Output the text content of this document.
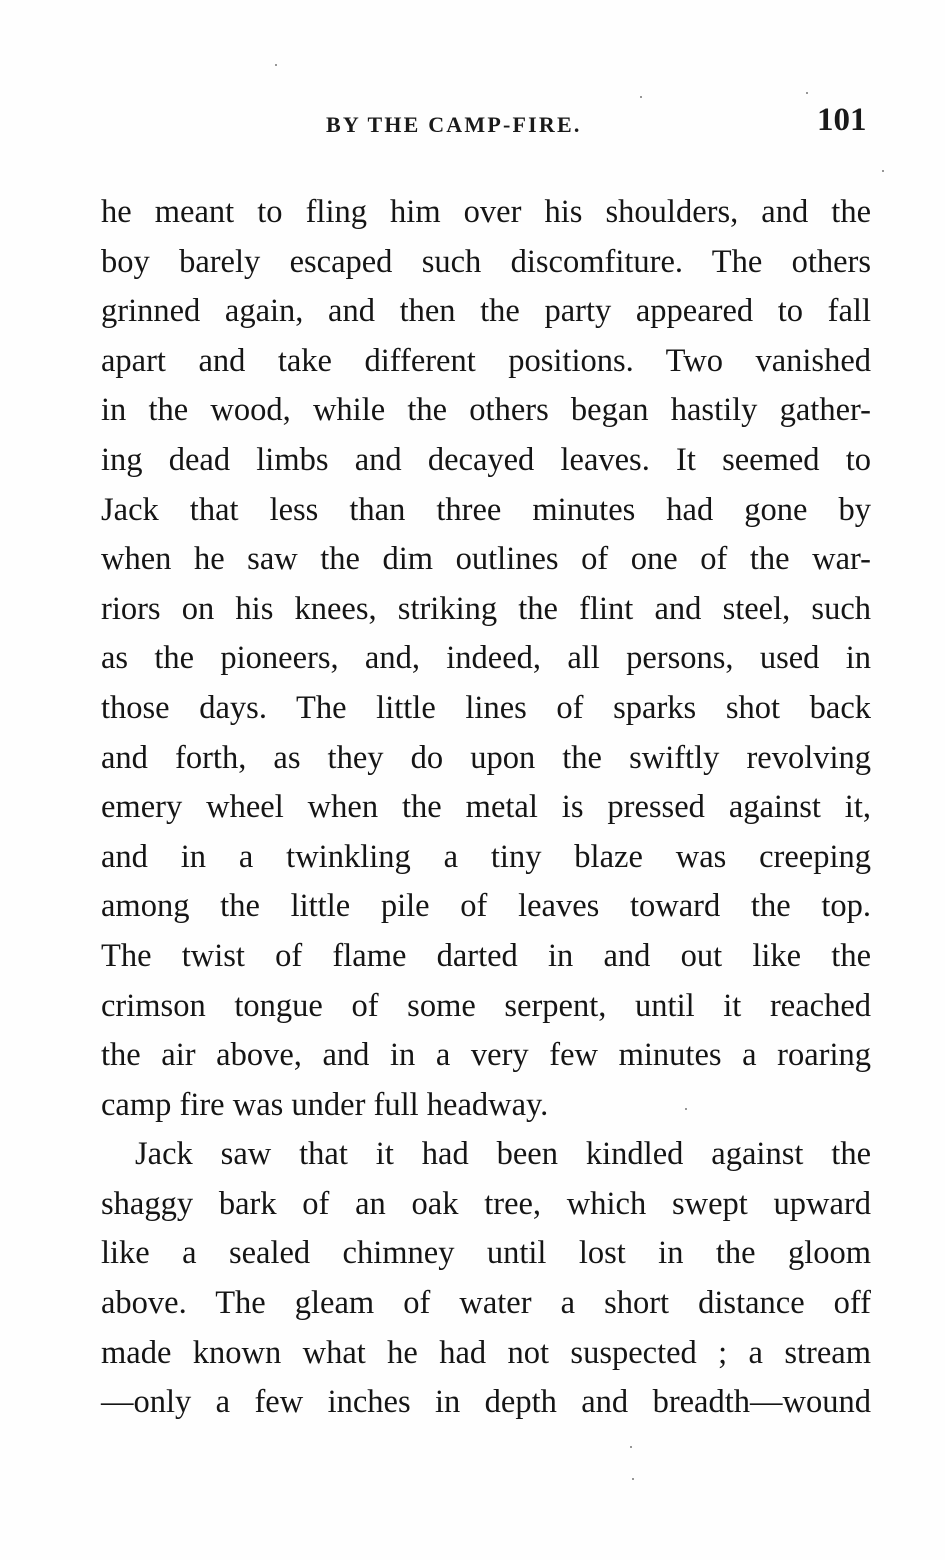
BY THE CAMP-FIRE.	101
he meant to fling him over his shoulders, and the
boy barely escaped such discomfiture. The others
grinned again, and then the party appeared to fall
apart and take different positions. Two vanished
in the wood, while the others began hastily gather-
ing dead limbs and decayed leaves. It seemed to
Jack that less than three minutes had gone by
when he saw the dim outlines of one of the war-
riors on his knees, striking the flint and steel, such
as the pioneers, and, indeed, all persons, used in
those days. The little lines of sparks shot back
and forth, as they do upon the swiftly revolving
emery wheel when the metal is pressed against it,
and in a twinkling a tiny blaze was creeping
among the little pile of leaves toward the top.
The twist of flame darted in and out like the
crimson tongue of some serpent, until it reached
the air above, and in a very few minutes a roaring
camp fire was under full headway.
Jack saw that it had been kindled against the
shaggy bark of an oak tree, which swept upward
like a sealed chimney until lost in the gloom
above. The gleam of water a short distance off
made known what he had not suspected ; a stream
—only a few inches in depth and breadth—wound
